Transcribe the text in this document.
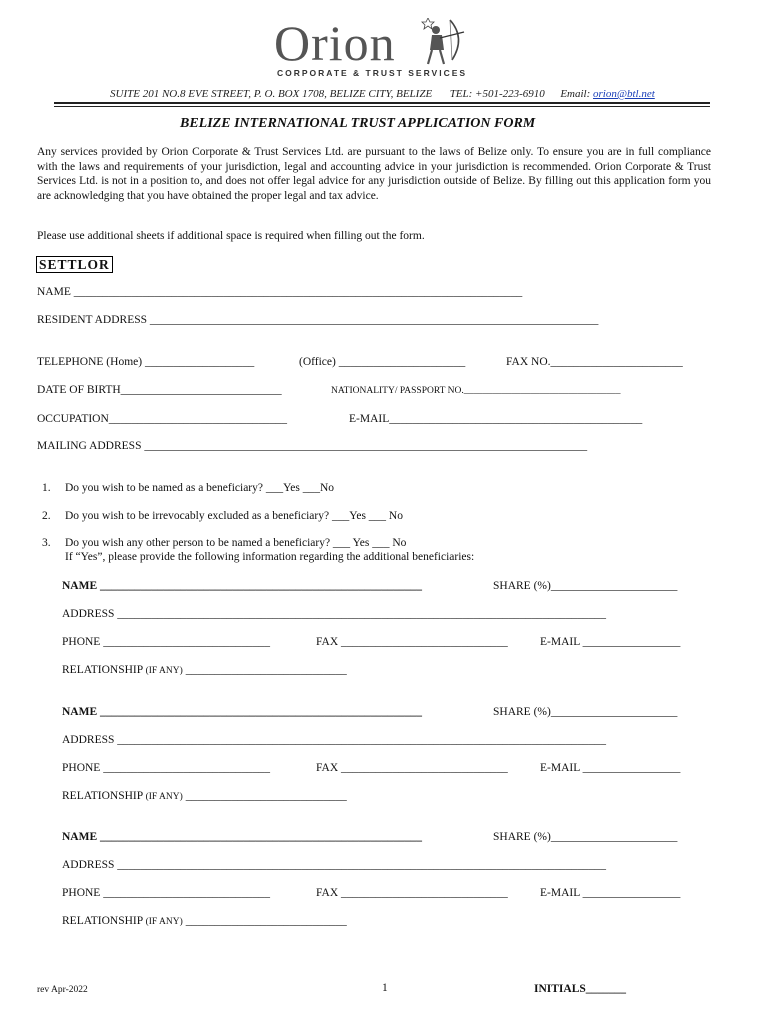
Orion
CORPORATE & TRUST SERVICES
SUITE 201 NO.8 EVE STREET, P. O. BOX 1708, BELIZE CITY, BELIZE TEL: +501-223-6910 Email: orion@btl.net
BELIZE INTERNATIONAL TRUST APPLICATION FORM
Any services provided by Orion Corporate & Trust Services Ltd. are pursuant to the laws of Belize only. To ensure you are in full compliance with the laws and requirements of your jurisdiction, legal and accounting advice in your jurisdiction is recommended. Orion Corporate & Trust Services Ltd. is not in a position to, and does not offer legal advice for any jurisdiction outside of Belize. By filling out this application form you are acknowledging that you have obtained the proper legal and tax advice.
Please use additional sheets if additional space is required when filling out the form.
SETTLOR
NAME ______________________________________________________________________________
RESIDENT ADDRESS ______________________________________________________________________________
TELEPHONE (Home) ___________________	(Office) ______________________	FAX NO._______________________
DATE OF BIRTH____________________________	NATIONALITY/ PASSPORT NO._________________________________
OCCUPATION_______________________________	E-MAIL____________________________________________
MAILING ADDRESS _____________________________________________________________________________
1. Do you wish to be named as a beneficiary? ___Yes ___No
2. Do you wish to be irrevocably excluded as a beneficiary? ___Yes ___ No
3. Do you wish any other person to be named a beneficiary? ___ Yes ___ No
If “Yes”, please provide the following information regarding the additional beneficiaries:
NAME ________________________________________________________	SHARE (%)______________________
ADDRESS _____________________________________________________________________________________
PHONE _____________________________	FAX _____________________________	E-MAIL _________________
RELATIONSHIP (IF ANY) ____________________________
NAME ________________________________________________________	SHARE (%)______________________
ADDRESS _____________________________________________________________________________________
PHONE _____________________________	FAX _____________________________	E-MAIL _________________
RELATIONSHIP (IF ANY) ____________________________
NAME ________________________________________________________	SHARE (%)______________________
ADDRESS _____________________________________________________________________________________
PHONE _____________________________	FAX _____________________________	E-MAIL _________________
RELATIONSHIP (IF ANY) ____________________________
rev Apr-2022	1	INITIALS_______
